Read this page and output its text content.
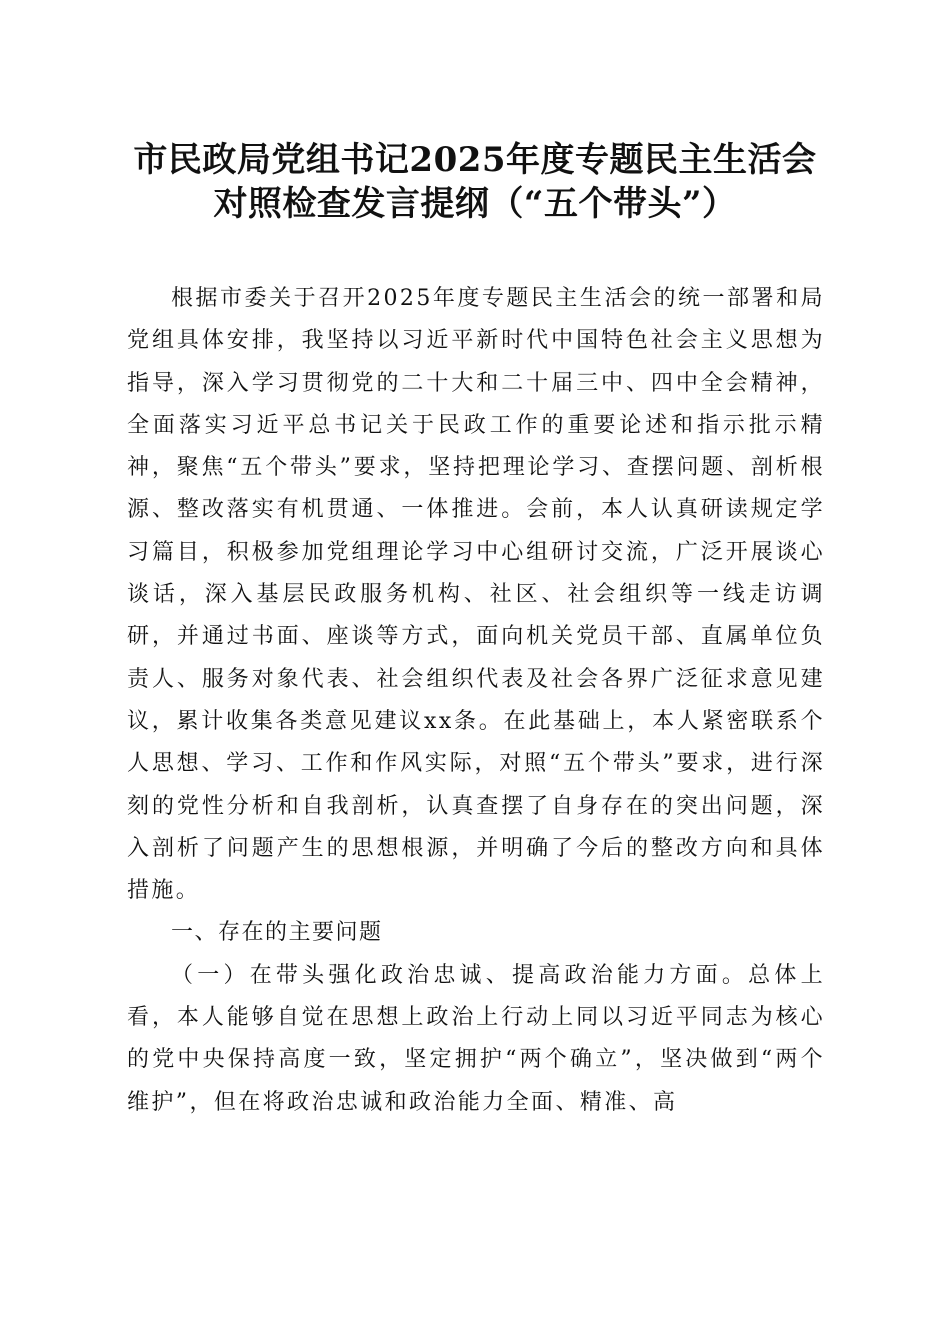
市民政局党组书记2025年度专题民主生活会
对照检查发言提纲（“五个带头”）

根据市委关于召开2025年度专题民主生活会的统一部署和局党组具体安排，我坚持以习近平新时代中国特色社会主义思想为指导，深入学习贯彻党的二十大和二十届三中、四中全会精神，全面落实习近平总书记关于民政工作的重要论述和指示批示精神，聚焦“五个带头”要求，坚持把理论学习、查摆问题、剖析根源、整改落实有机贯通、一体推进。会前，本人认真研读规定学习篇目，积极参加党组理论学习中心组研讨交流，广泛开展谈心谈话，深入基层民政服务机构、社区、社会组织等一线走访调研，并通过书面、座谈等方式，面向机关党员干部、直属单位负责人、服务对象代表、社会组织代表及社会各界广泛征求意见建议，累计收集各类意见建议xx条。在此基础上，本人紧密联系个人思想、学习、工作和作风实际，对照“五个带头”要求，进行深刻的党性分析和自我剖析，认真查摆了自身存在的突出问题，深入剖析了问题产生的思想根源，并明确了今后的整改方向和具体措施。

一、存在的主要问题

（一）在带头强化政治忠诚、提高政治能力方面。总体上看，本人能够自觉在思想上政治上行动上同以习近平同志为核心的党中央保持高度一致，坚定拥护“两个确立”，坚决做到“两个维护”，但在将政治忠诚和政治能力全面、精准、高
